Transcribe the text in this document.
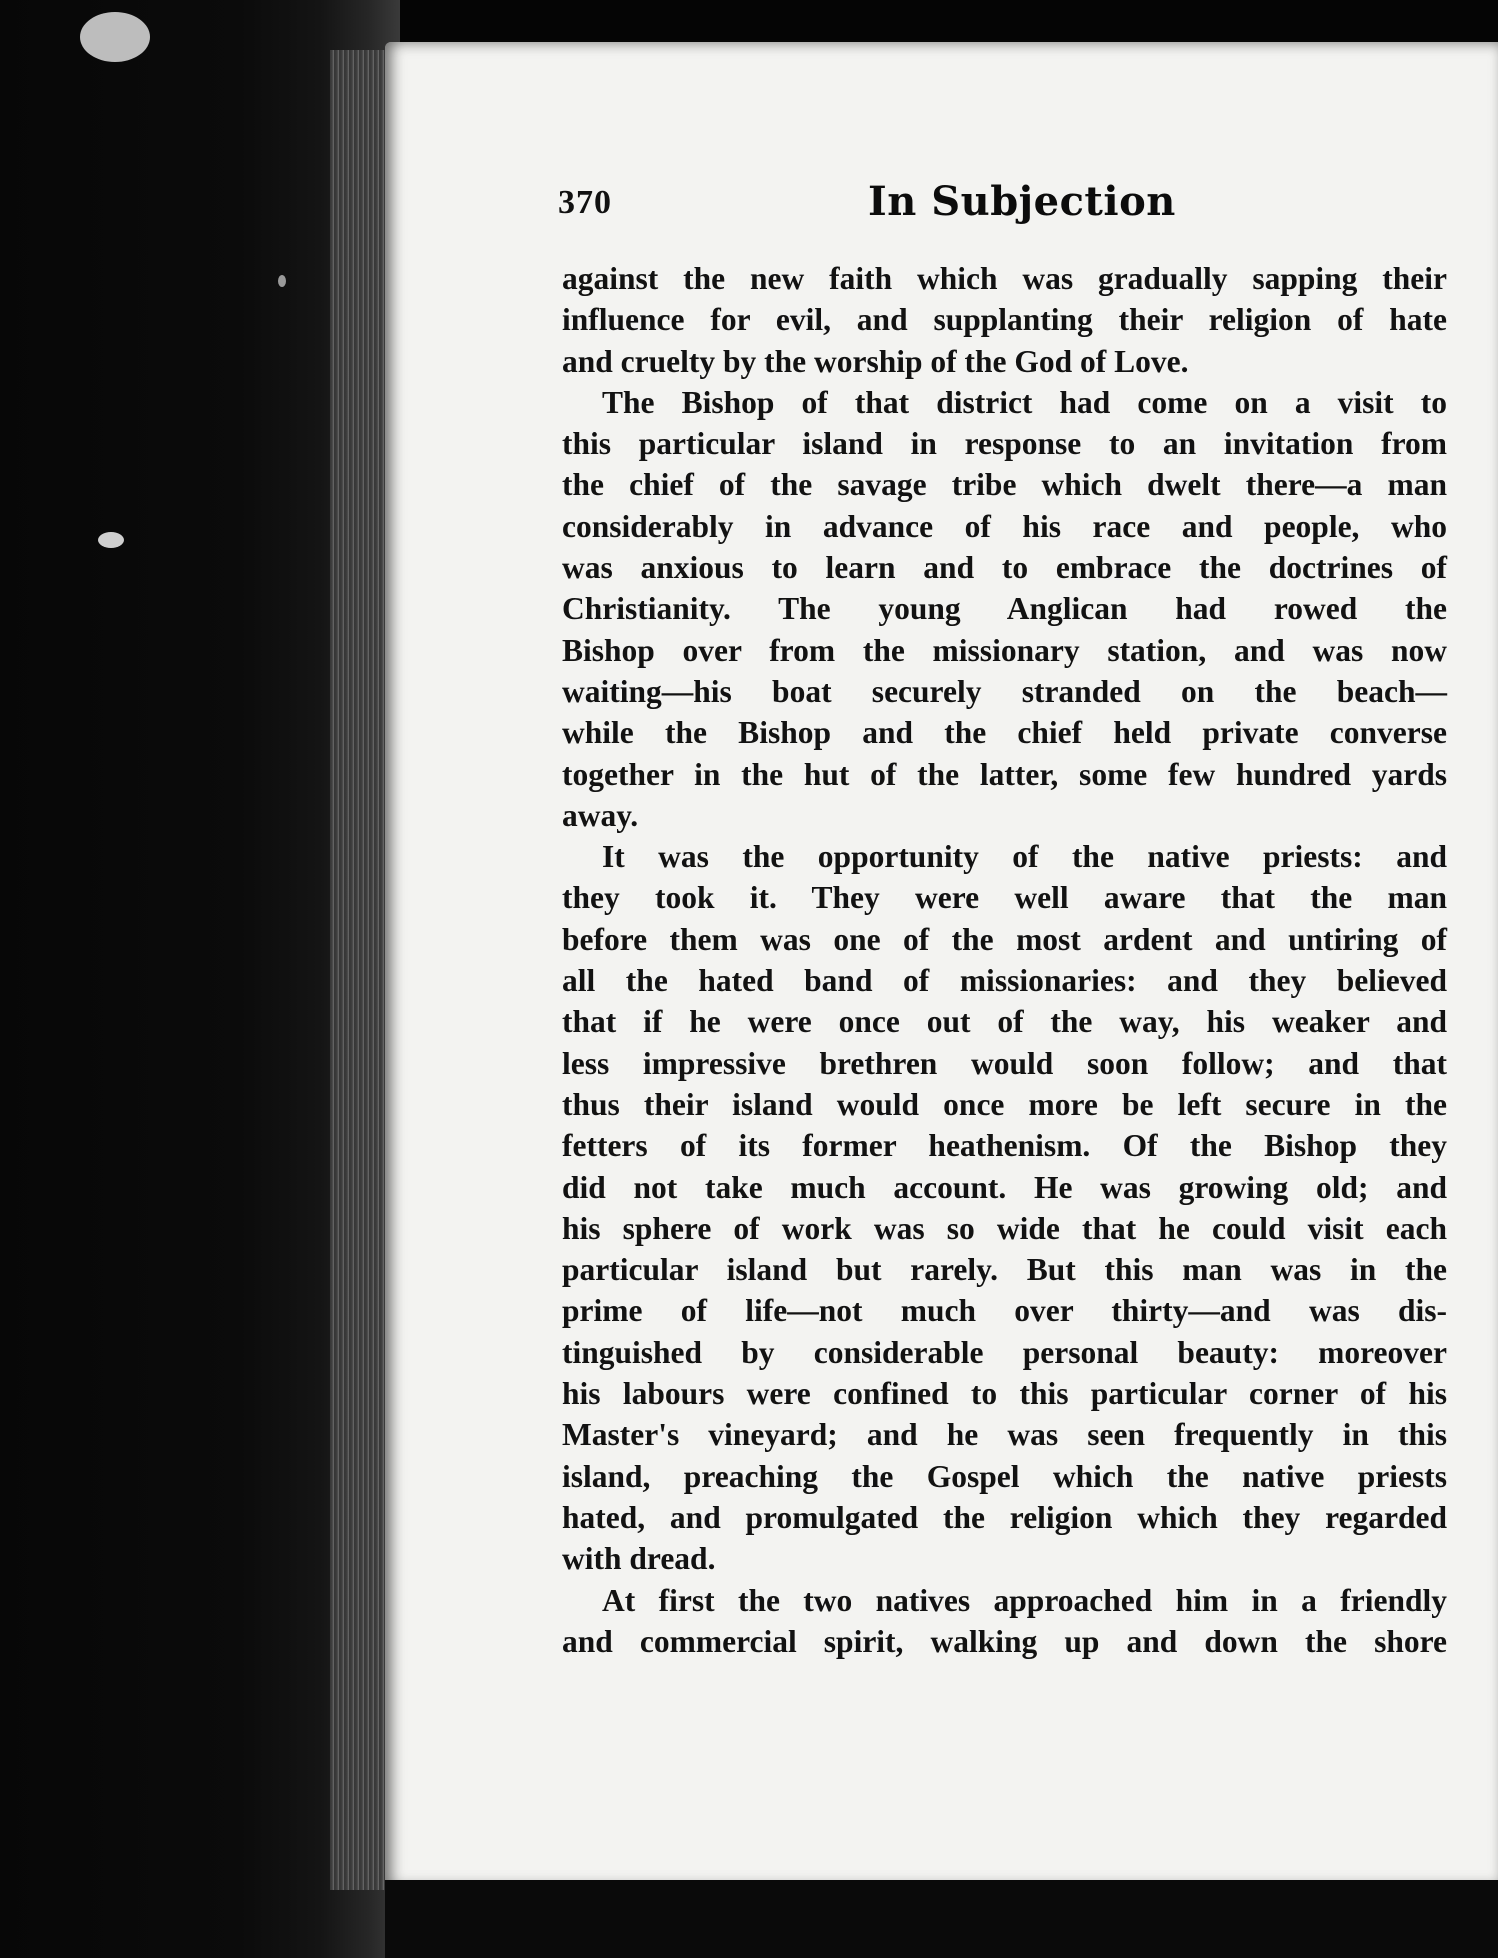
370	In Subjection
against the new faith which was gradually sapping their
influence for evil, and supplanting their religion of hate
and cruelty by the worship of the God of Love.
The Bishop of that district had come on a visit to
this particular island in response to an invitation from
the chief of the savage tribe which dwelt there—a man
considerably in advance of his race and people, who
was anxious to learn and to embrace the doctrines of
Christianity. The young Anglican had rowed the
Bishop over from the missionary station, and was now
waiting—his boat securely stranded on the beach—
while the Bishop and the chief held private converse
together in the hut of the latter, some few hundred yards
away.
It was the opportunity of the native priests: and
they took it. They were well aware that the man
before them was one of the most ardent and untiring of
all the hated band of missionaries: and they believed
that if he were once out of the way, his weaker and
less impressive brethren would soon follow; and that
thus their island would once more be left secure in the
fetters of its former heathenism. Of the Bishop they
did not take much account. He was growing old; and
his sphere of work was so wide that he could visit each
particular island but rarely. But this man was in the
prime of life—not much over thirty—and was dis-
tinguished by considerable personal beauty: moreover
his labours were confined to this particular corner of his
Master's vineyard; and he was seen frequently in this
island, preaching the Gospel which the native priests
hated, and promulgated the religion which they regarded
with dread.
At first the two natives approached him in a friendly
and commercial spirit, walking up and down the shore
